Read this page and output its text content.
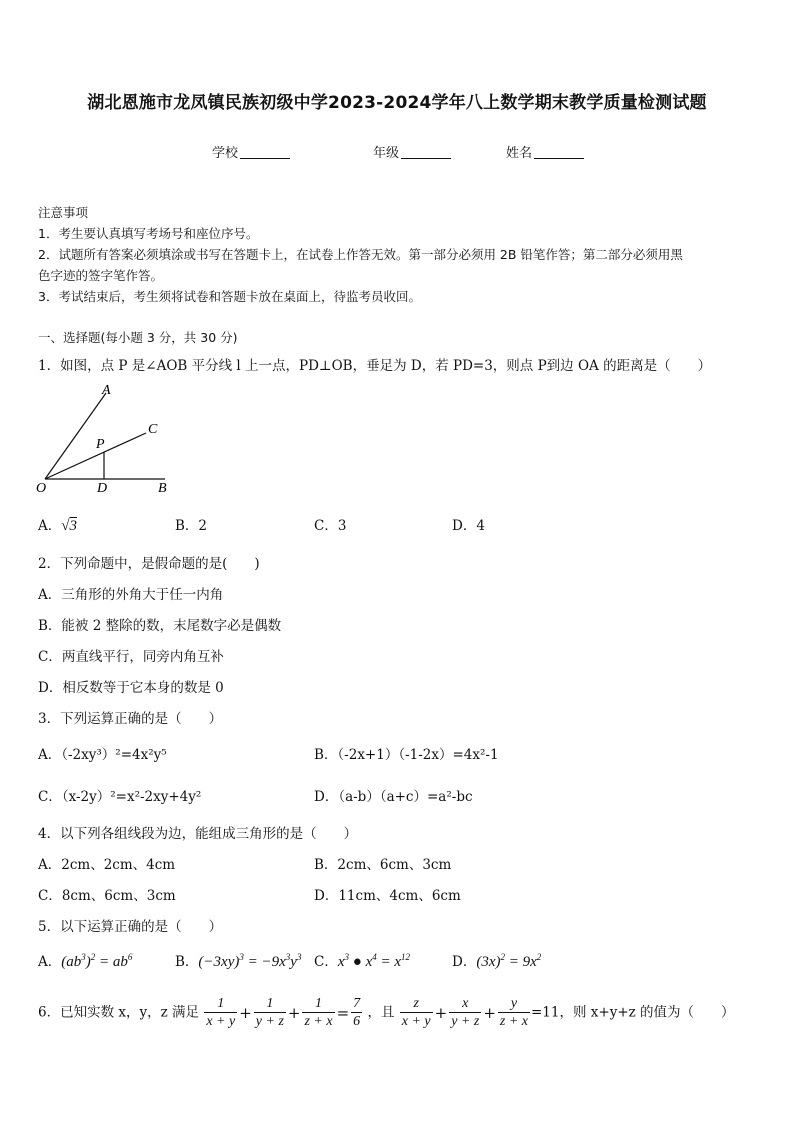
湖北恩施市龙凤镇民族初级中学2023-2024学年八上数学期末教学质量检测试题
学校	年级	姓名
注意事项
1．考生要认真填写考场号和座位序号。
2．试题所有答案必须填涂或书写在答题卡上，在试卷上作答无效。第一部分必须用 2B 铅笔作答；第二部分必须用黑
色字迹的签字笔作答。
3．考试结束后，考生须将试卷和答题卡放在桌面上，待监考员收回。
一、选择题(每小题 3 分，共 30 分)
1．如图，点 P 是∠AOB 平分线 l 上一点，PD⊥OB，垂足为 D，若 PD=3，则点 P到边 OA 的距离是（　　）
A
C
P
O	D	B
A．√3	B．2	C．3	D．4
2．下列命题中，是假命题的是(　　)
A．三角形的外角大于任一内角
B．能被 2 整除的数，末尾数字必是偶数
C．两直线平行，同旁内角互补
D．相反数等于它本身的数是 0
3．下列运算正确的是（　　）
A．（-2xy³）²=4x²y⁵	B．（-2x+1）（-1-2x）=4x²-1
C．（x-2y）²=x²-2xy+4y²	D．（a-b）（a+c）=a²-bc
4．以下列各组线段为边，能组成三角形的是（　　）
A．2cm、2cm、4cm	B．2cm、6cm、3cm
C．8cm、6cm、3cm	D．11cm、4cm、6cm
5．以下运算正确的是（　　）
A．$(ab^3)^2 = ab^6$	B．$(-3xy)^3 = -9x^3y^3$ C．$x^3$ ● $x^4 = x^{12}$	D．$(3x)^2 = 9x^2$
6．已知实数 x，y，z 满足 $\frac{1}{x + y} + \frac{1}{y + z} + \frac{1}{z + x} = \frac{7}{6}$ ，且 $\frac{z}{x + y} + \frac{x}{y + z} + \frac{y}{z + x} =11$，则 x+y+z 的值为（　　）
